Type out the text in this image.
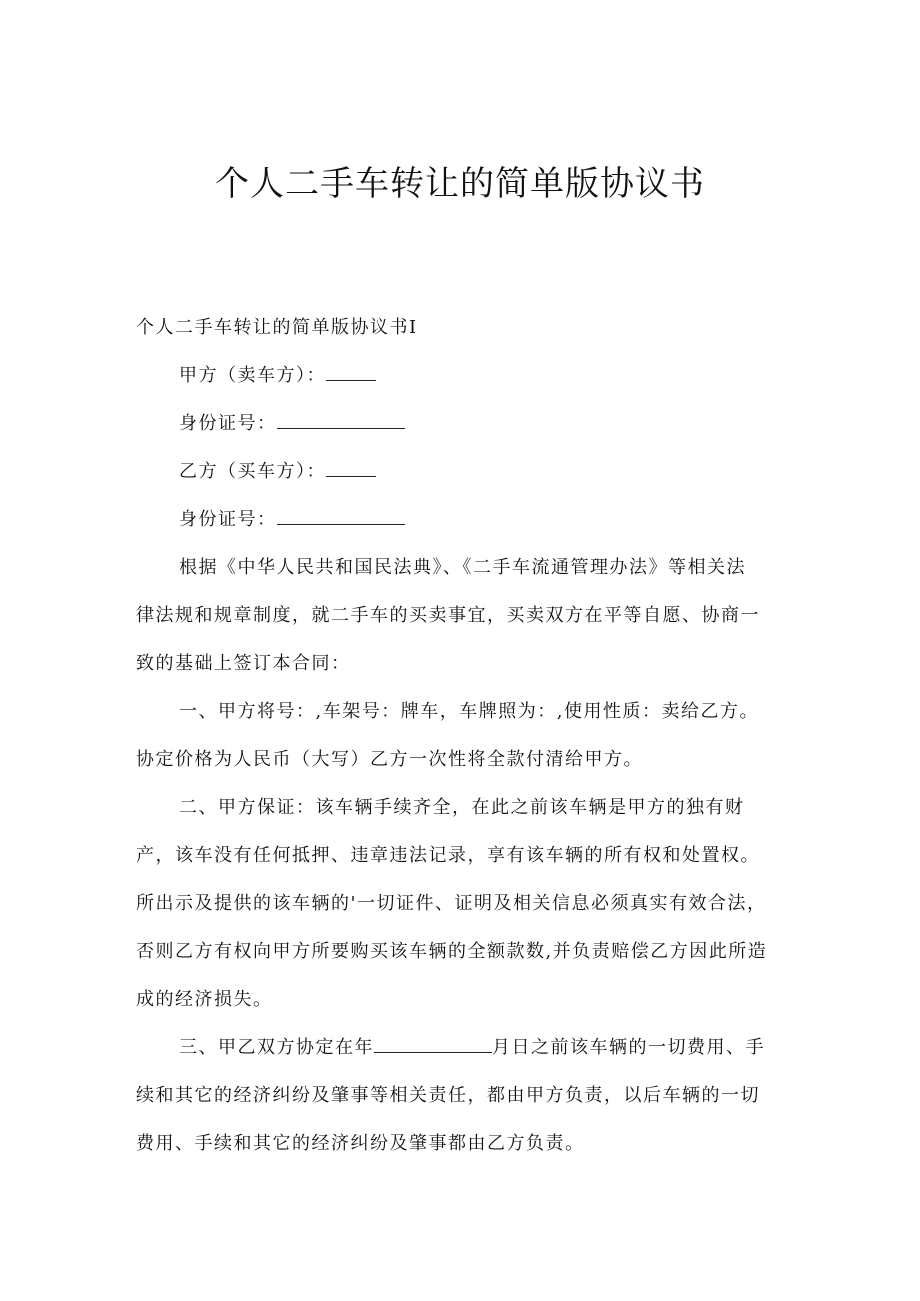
个人二手车转让的简单版协议书
个人二手车转让的简单版协议书Ⅰ
甲方（卖车方）：
身份证号：
乙方（买车方）：
身份证号：
根据《中华人民共和国民法典》、《二手车流通管理办法》等相关法
律法规和规章制度，就二手车的买卖事宜，买卖双方在平等自愿、协商一
致的基础上签订本合同：
一、甲方将号：,车架号：牌车，车牌照为：,使用性质：卖给乙方。
协定价格为人民币（大写）乙方一次性将全款付清给甲方。
二、甲方保证：该车辆手续齐全，在此之前该车辆是甲方的独有财
产，该车没有任何抵押、违章违法记录，享有该车辆的所有权和处置权。
所出示及提供的该车辆的'一切证件、证明及相关信息必须真实有效合法，
否则乙方有权向甲方所要购买该车辆的全额款数,并负责赔偿乙方因此所造
成的经济损失。
三、甲乙双方协定在年	月日之前该车辆的一切费用、手
续和其它的经济纠纷及肇事等相关责任，都由甲方负责，以后车辆的一切
费用、手续和其它的经济纠纷及肇事都由乙方负责。
